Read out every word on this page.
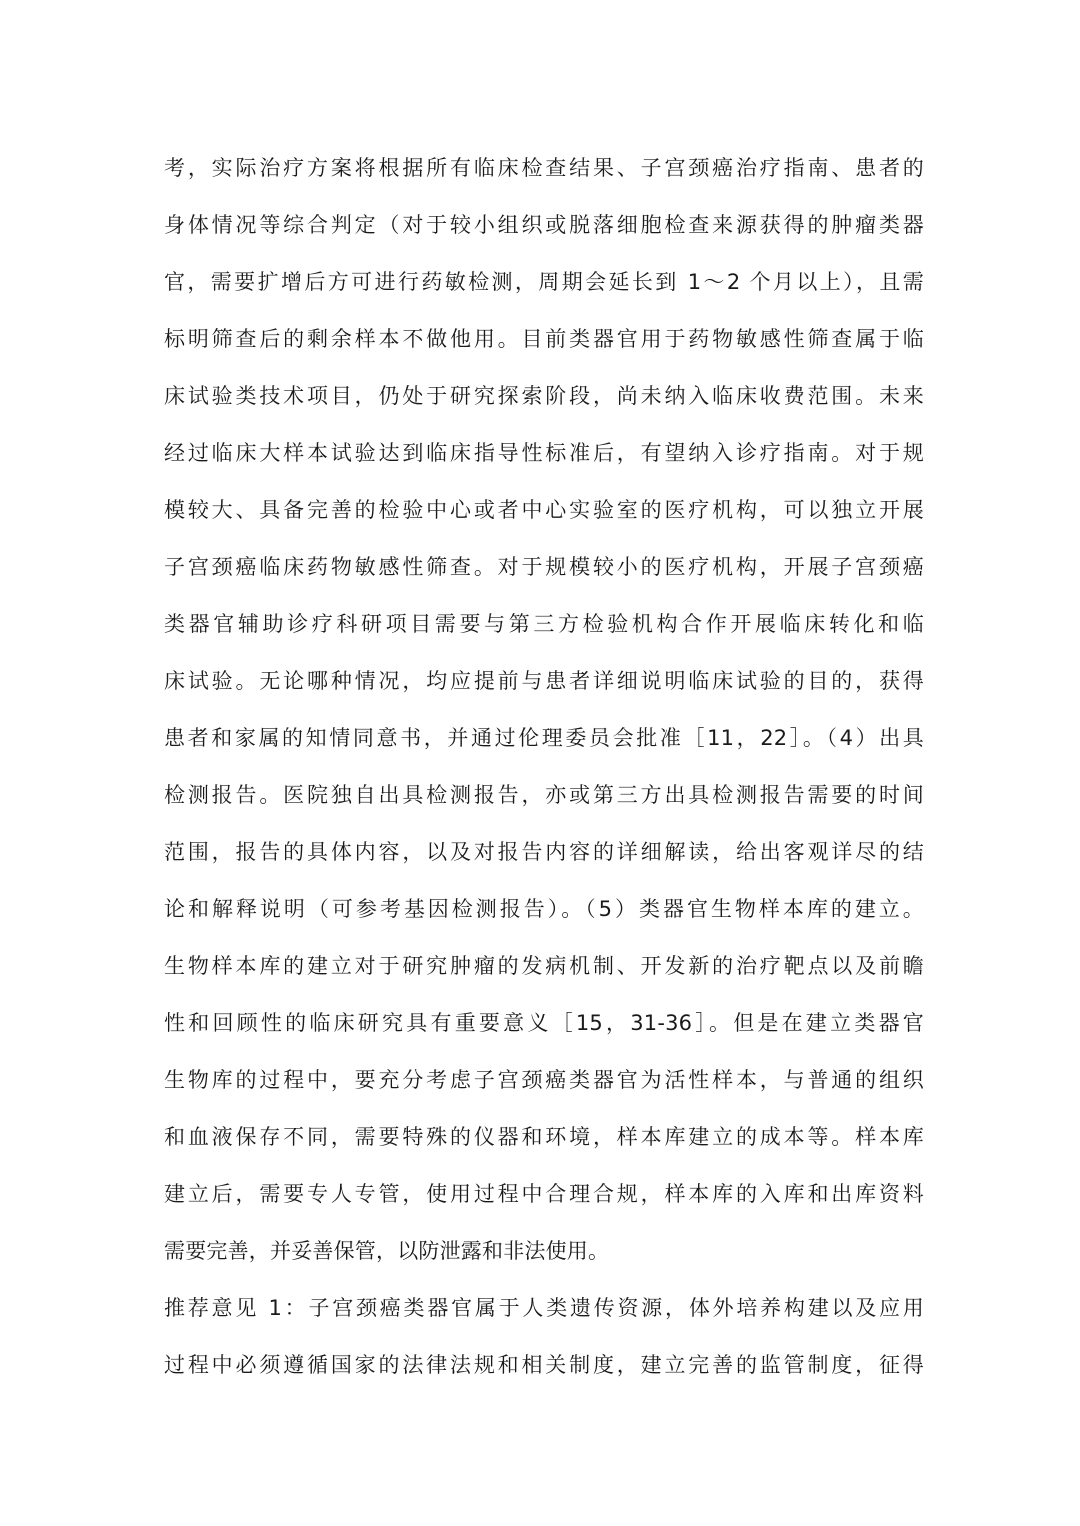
考，实际治疗方案将根据所有临床检查结果、子宫颈癌治疗指南、患者的
身体情况等综合判定（对于较小组织或脱落细胞检查来源获得的肿瘤类器
官，需要扩增后方可进行药敏检测，周期会延长到 1～2 个月以上），且需
标明筛查后的剩余样本不做他用。目前类器官用于药物敏感性筛查属于临
床试验类技术项目，仍处于研究探索阶段，尚未纳入临床收费范围。未来
经过临床大样本试验达到临床指导性标准后，有望纳入诊疗指南。对于规
模较大、具备完善的检验中心或者中心实验室的医疗机构，可以独立开展
子宫颈癌临床药物敏感性筛查。对于规模较小的医疗机构，开展子宫颈癌
类器官辅助诊疗科研项目需要与第三方检验机构合作开展临床转化和临
床试验。无论哪种情况，均应提前与患者详细说明临床试验的目的，获得
患者和家属的知情同意书，并通过伦理委员会批准［11，22］。（4）出具
检测报告。医院独自出具检测报告，亦或第三方出具检测报告需要的时间
范围，报告的具体内容，以及对报告内容的详细解读，给出客观详尽的结
论和解释说明（可参考基因检测报告）。（5）类器官生物样本库的建立。
生物样本库的建立对于研究肿瘤的发病机制、开发新的治疗靶点以及前瞻
性和回顾性的临床研究具有重要意义［15，31-36］。但是在建立类器官
生物库的过程中，要充分考虑子宫颈癌类器官为活性样本，与普通的组织
和血液保存不同，需要特殊的仪器和环境，样本库建立的成本等。样本库
建立后，需要专人专管，使用过程中合理合规，样本库的入库和出库资料
需要完善，并妥善保管，以防泄露和非法使用。
推荐意见 1：子宫颈癌类器官属于人类遗传资源，体外培养构建以及应用
过程中必须遵循国家的法律法规和相关制度，建立完善的监管制度，征得
